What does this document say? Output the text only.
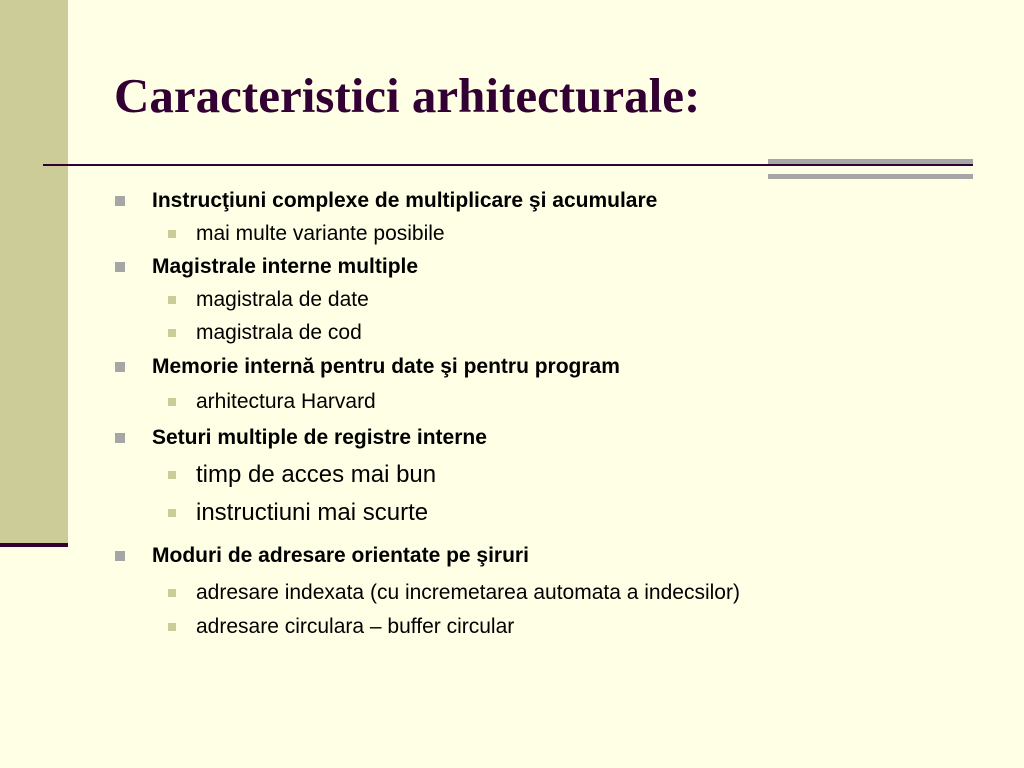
Caracteristici arhitecturale:
Instrucţiuni complexe de multiplicare şi acumulare
mai multe variante posibile
Magistrale interne multiple
magistrala de date
magistrala de cod
Memorie internă pentru date şi pentru program
arhitectura Harvard
Seturi multiple de registre interne
timp de acces mai bun
instructiuni mai scurte
Moduri de adresare orientate pe şiruri
adresare indexata (cu incremetarea automata a indecsilor)
adresare circulara – buffer circular
